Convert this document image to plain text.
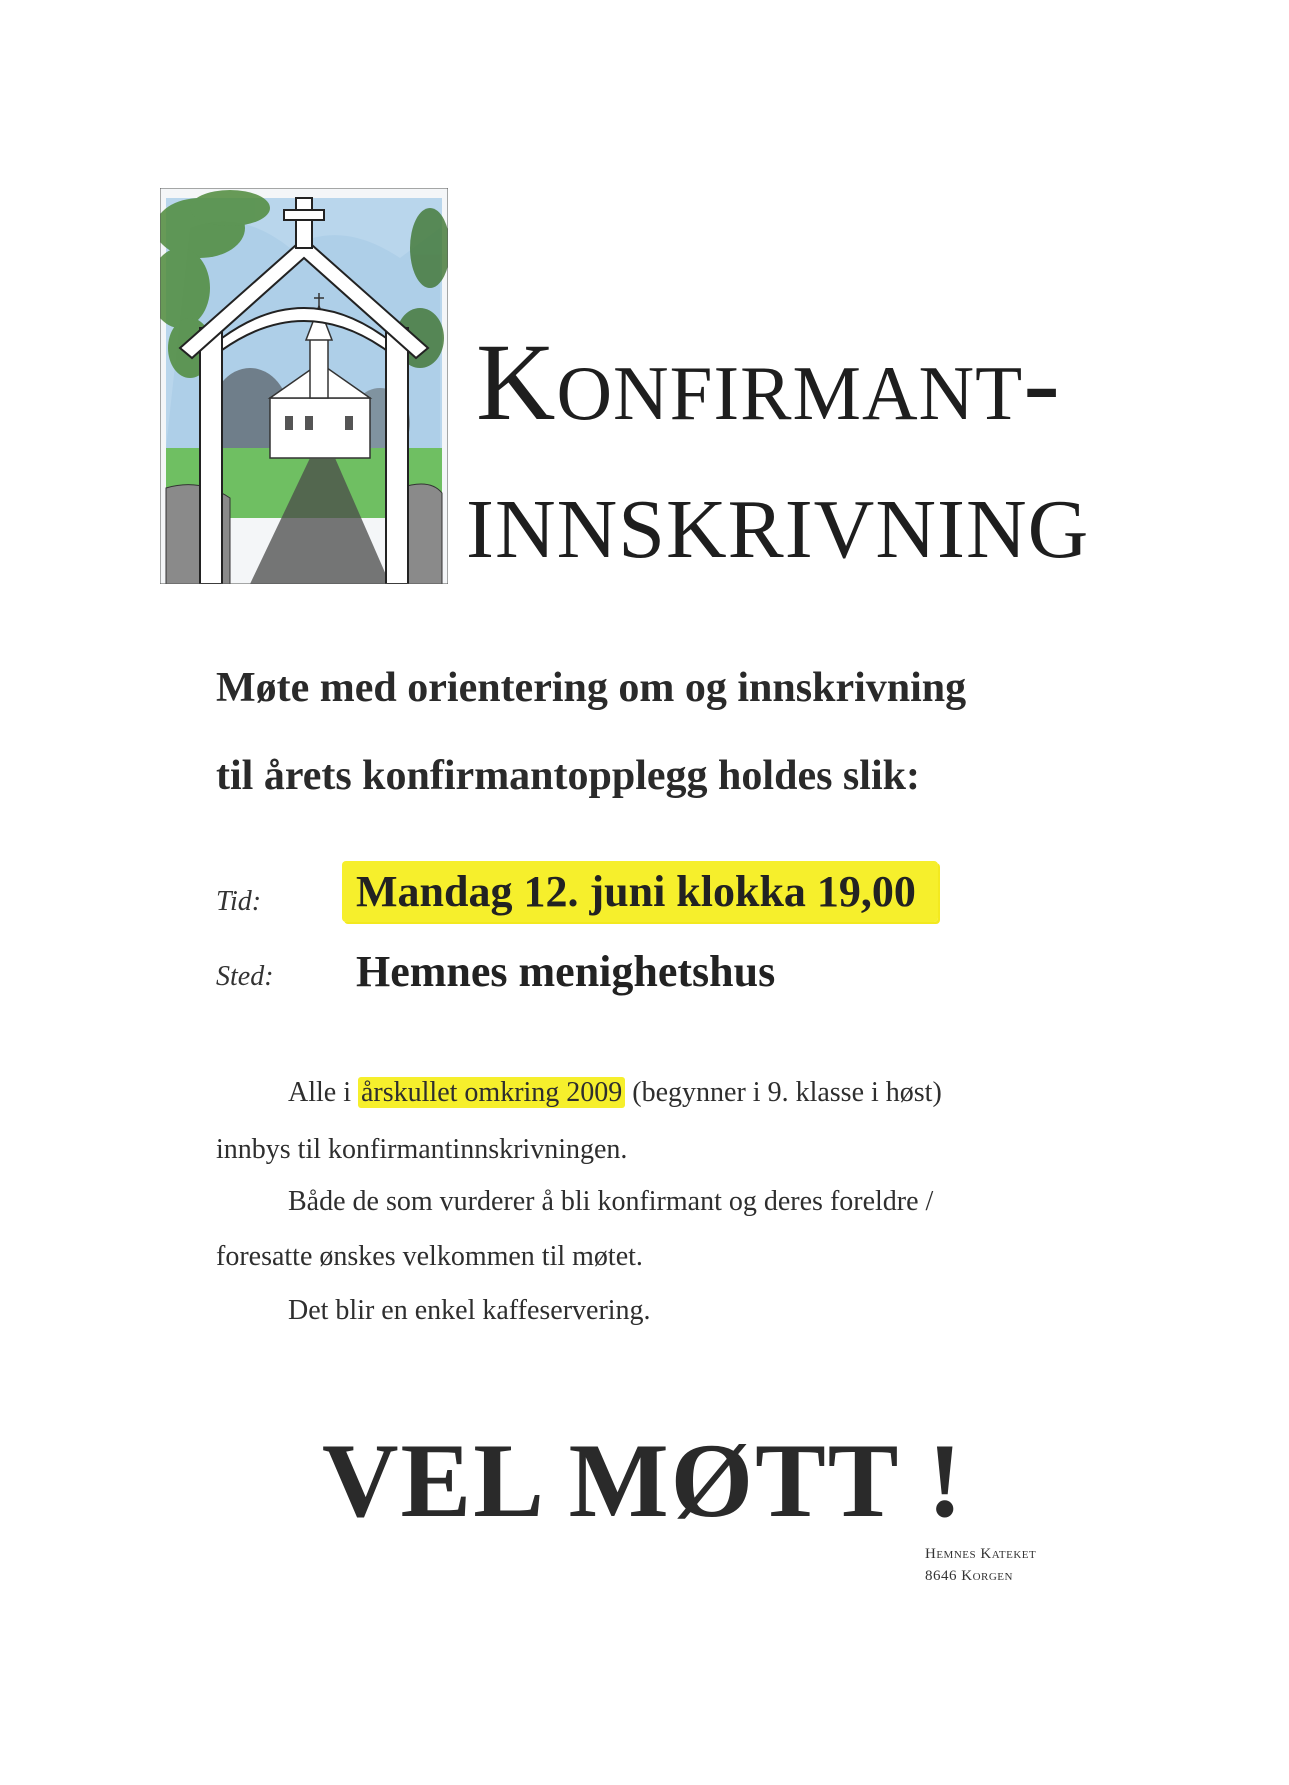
Konfirmant-
INNSKRIVNING
Møte med orientering om og innskrivning
til årets konfirmantopplegg holdes slik:
Tid: Mandag 12. juni klokka 19,00
Sted: Hemnes menighetshus
Alle i årskullet omkring 2009 (begynner i 9. klasse i høst)
innbys til konfirmantinnskrivningen.
Både de som vurderer å bli konfirmant og deres foreldre /
foresatte ønskes velkommen til møtet.
Det blir en enkel kaffeservering.
VEL MØTT !
Hemnes Kateket
8646 Korgen
